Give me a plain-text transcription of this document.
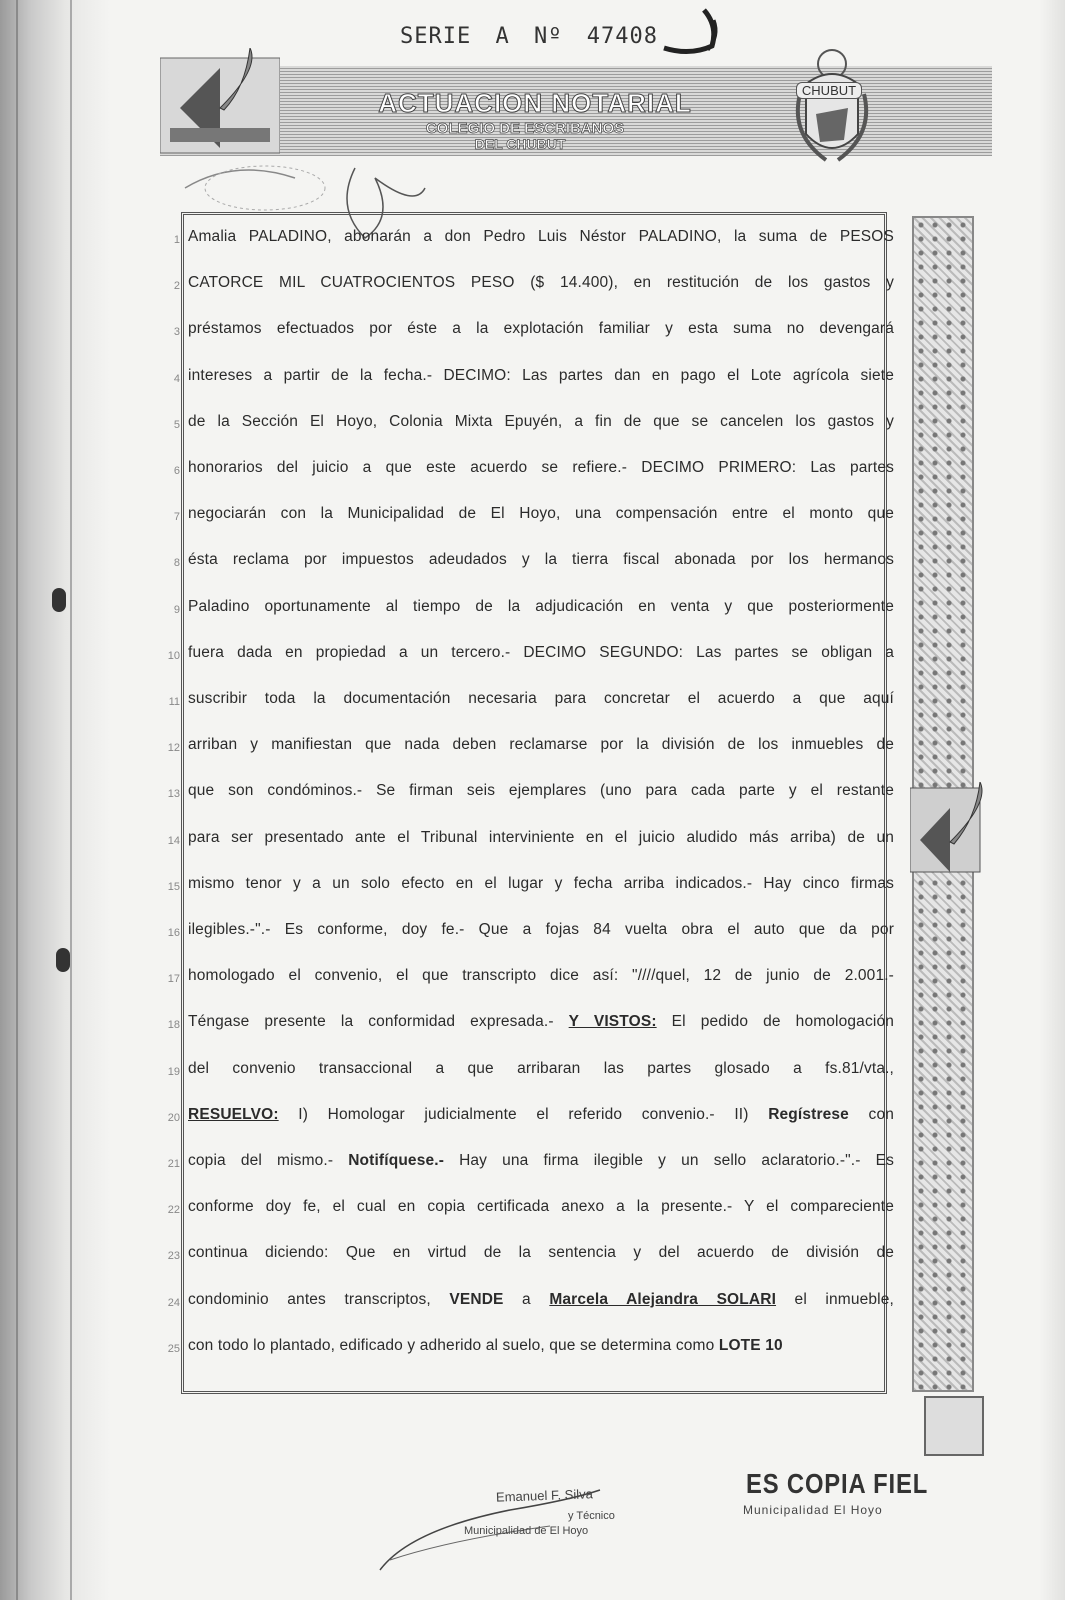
SERIE A Nº 47408
ACTUACION NOTARIAL
COLEGIO DE ESCRIBANOS
DEL CHUBUT
CHUBUT
1 Amalia PALADINO, abonarán a don Pedro Luis Néstor PALADINO, la suma de PESOS
2 CATORCE MIL CUATROCIENTOS PESO ($ 14.400), en restitución de los gastos y
3 préstamos efectuados por éste a la explotación familiar y esta suma no devengará
4 intereses a partir de la fecha.- DECIMO: Las partes dan en pago el Lote agrícola siete
5 de la Sección El Hoyo, Colonia Mixta Epuyén, a fin de que se cancelen los gastos y
6 honorarios del juicio a que este acuerdo se refiere.- DECIMO PRIMERO: Las partes
7 negociarán con la Municipalidad de El Hoyo, una compensación entre el monto que
8 ésta reclama por impuestos adeudados y la tierra fiscal abonada por los hermanos
9 Paladino oportunamente al tiempo de la adjudicación en venta y que posteriormente
10 fuera dada en propiedad a un tercero.- DECIMO SEGUNDO: Las partes se obligan a
11 suscribir toda la documentación necesaria para concretar el acuerdo a que aquí
12 arriban y manifiestan que nada deben reclamarse por la división de los inmuebles de
13 que son condóminos.- Se firman seis ejemplares (uno para cada parte y el restante
14 para ser presentado ante el Tribunal interviniente en el juicio aludido más arriba) de un
15 mismo tenor y a un solo efecto en el lugar y fecha arriba indicados.- Hay cinco firmas
16 ilegibles.-".- Es conforme, doy fe.- Que a fojas 84 vuelta obra el auto que da por
17 homologado el convenio, el que transcripto dice así: "////quel, 12 de junio de 2.001.-
18 Téngase presente la conformidad expresada.- Y VISTOS: El pedido de homologación
19 del convenio transaccional a que arribaran las partes glosado a fs.81/vta.,
20 RESUELVO: I) Homologar judicialmente el referido convenio.- II) Regístrese con
21 copia del mismo.- Notifíquese.- Hay una firma ilegible y un sello aclaratorio.-".- Es
22 conforme doy fe, el cual en copia certificada anexo a la presente.- Y el compareciente
23 continua diciendo: Que en virtud de la sentencia y del acuerdo de división de
24 condominio antes transcriptos, VENDE a Marcela Alejandra SOLARI el inmueble,
25 con todo lo plantado, edificado y adherido al suelo, que se determina como LOTE 10
Emanuel F. Silva
y Técnico
Municipalidad de El Hoyo
ES COPIA FIEL
Municipalidad El Hoyo
